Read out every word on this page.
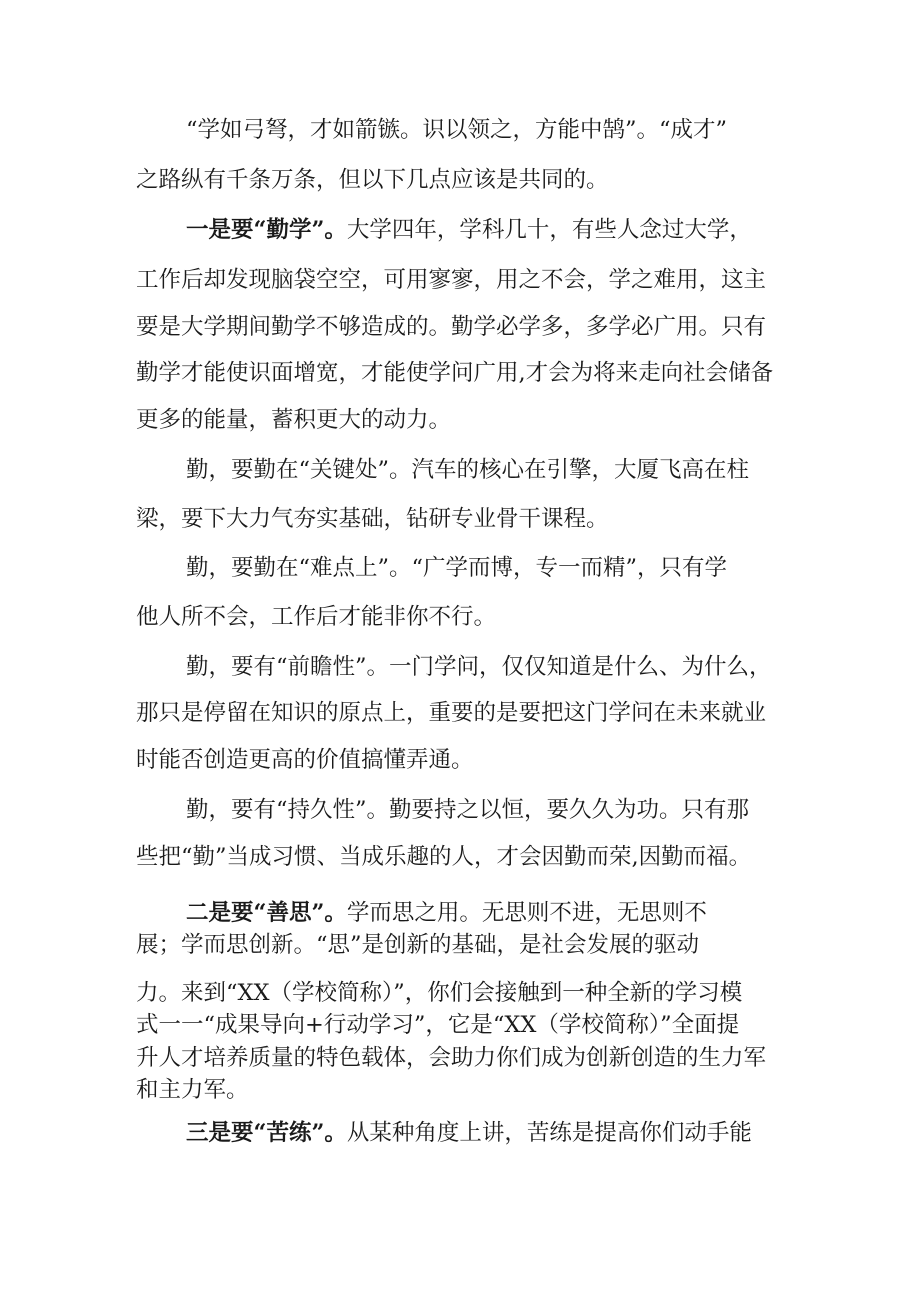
“学如弓弩，才如箭镞。识以领之，方能中鹄”。“成才”

之路纵有千条万条，但以下几点应该是共同的。

一是要“勤学”。大学四年，学科几十，有些人念过大学，

工作后却发现脑袋空空，可用寥寥，用之不会，学之难用，这主

要是大学期间勤学不够造成的。勤学必学多，多学必广用。只有

勤学才能使识面增宽，才能使学问广用,才会为将来走向社会储备

更多的能量，蓄积更大的动力。

勤，要勤在“关键处”。汽车的核心在引擎，大厦飞高在柱

梁，要下大力气夯实基础，钻研专业骨干课程。

勤，要勤在“难点上”。“广学而博，专一而精”，只有学

他人所不会，工作后才能非你不行。

勤，要有“前瞻性”。一门学问，仅仅知道是什么、为什么，

那只是停留在知识的原点上，重要的是要把这门学问在未来就业

时能否创造更高的价值搞懂弄通。

勤，要有“持久性”。勤要持之以恒，要久久为功。只有那

些把“勤”当成习惯、当成乐趣的人，才会因勤而荣,因勤而福。

二是要“善思”。学而思之用。无思则不进，无思则不

展；学而思创新。“思”是创新的基础，是社会发展的驱动

力。来到“XX（学校简称）”，你们会接触到一种全新的学习模

式一一“成果导向+行动学习”，它是“XX（学校简称）”全面提

升人才培养质量的特色载体，会助力你们成为创新创造的生力军

和主力军。

三是要“苦练”。从某种角度上讲，苦练是提高你们动手能
